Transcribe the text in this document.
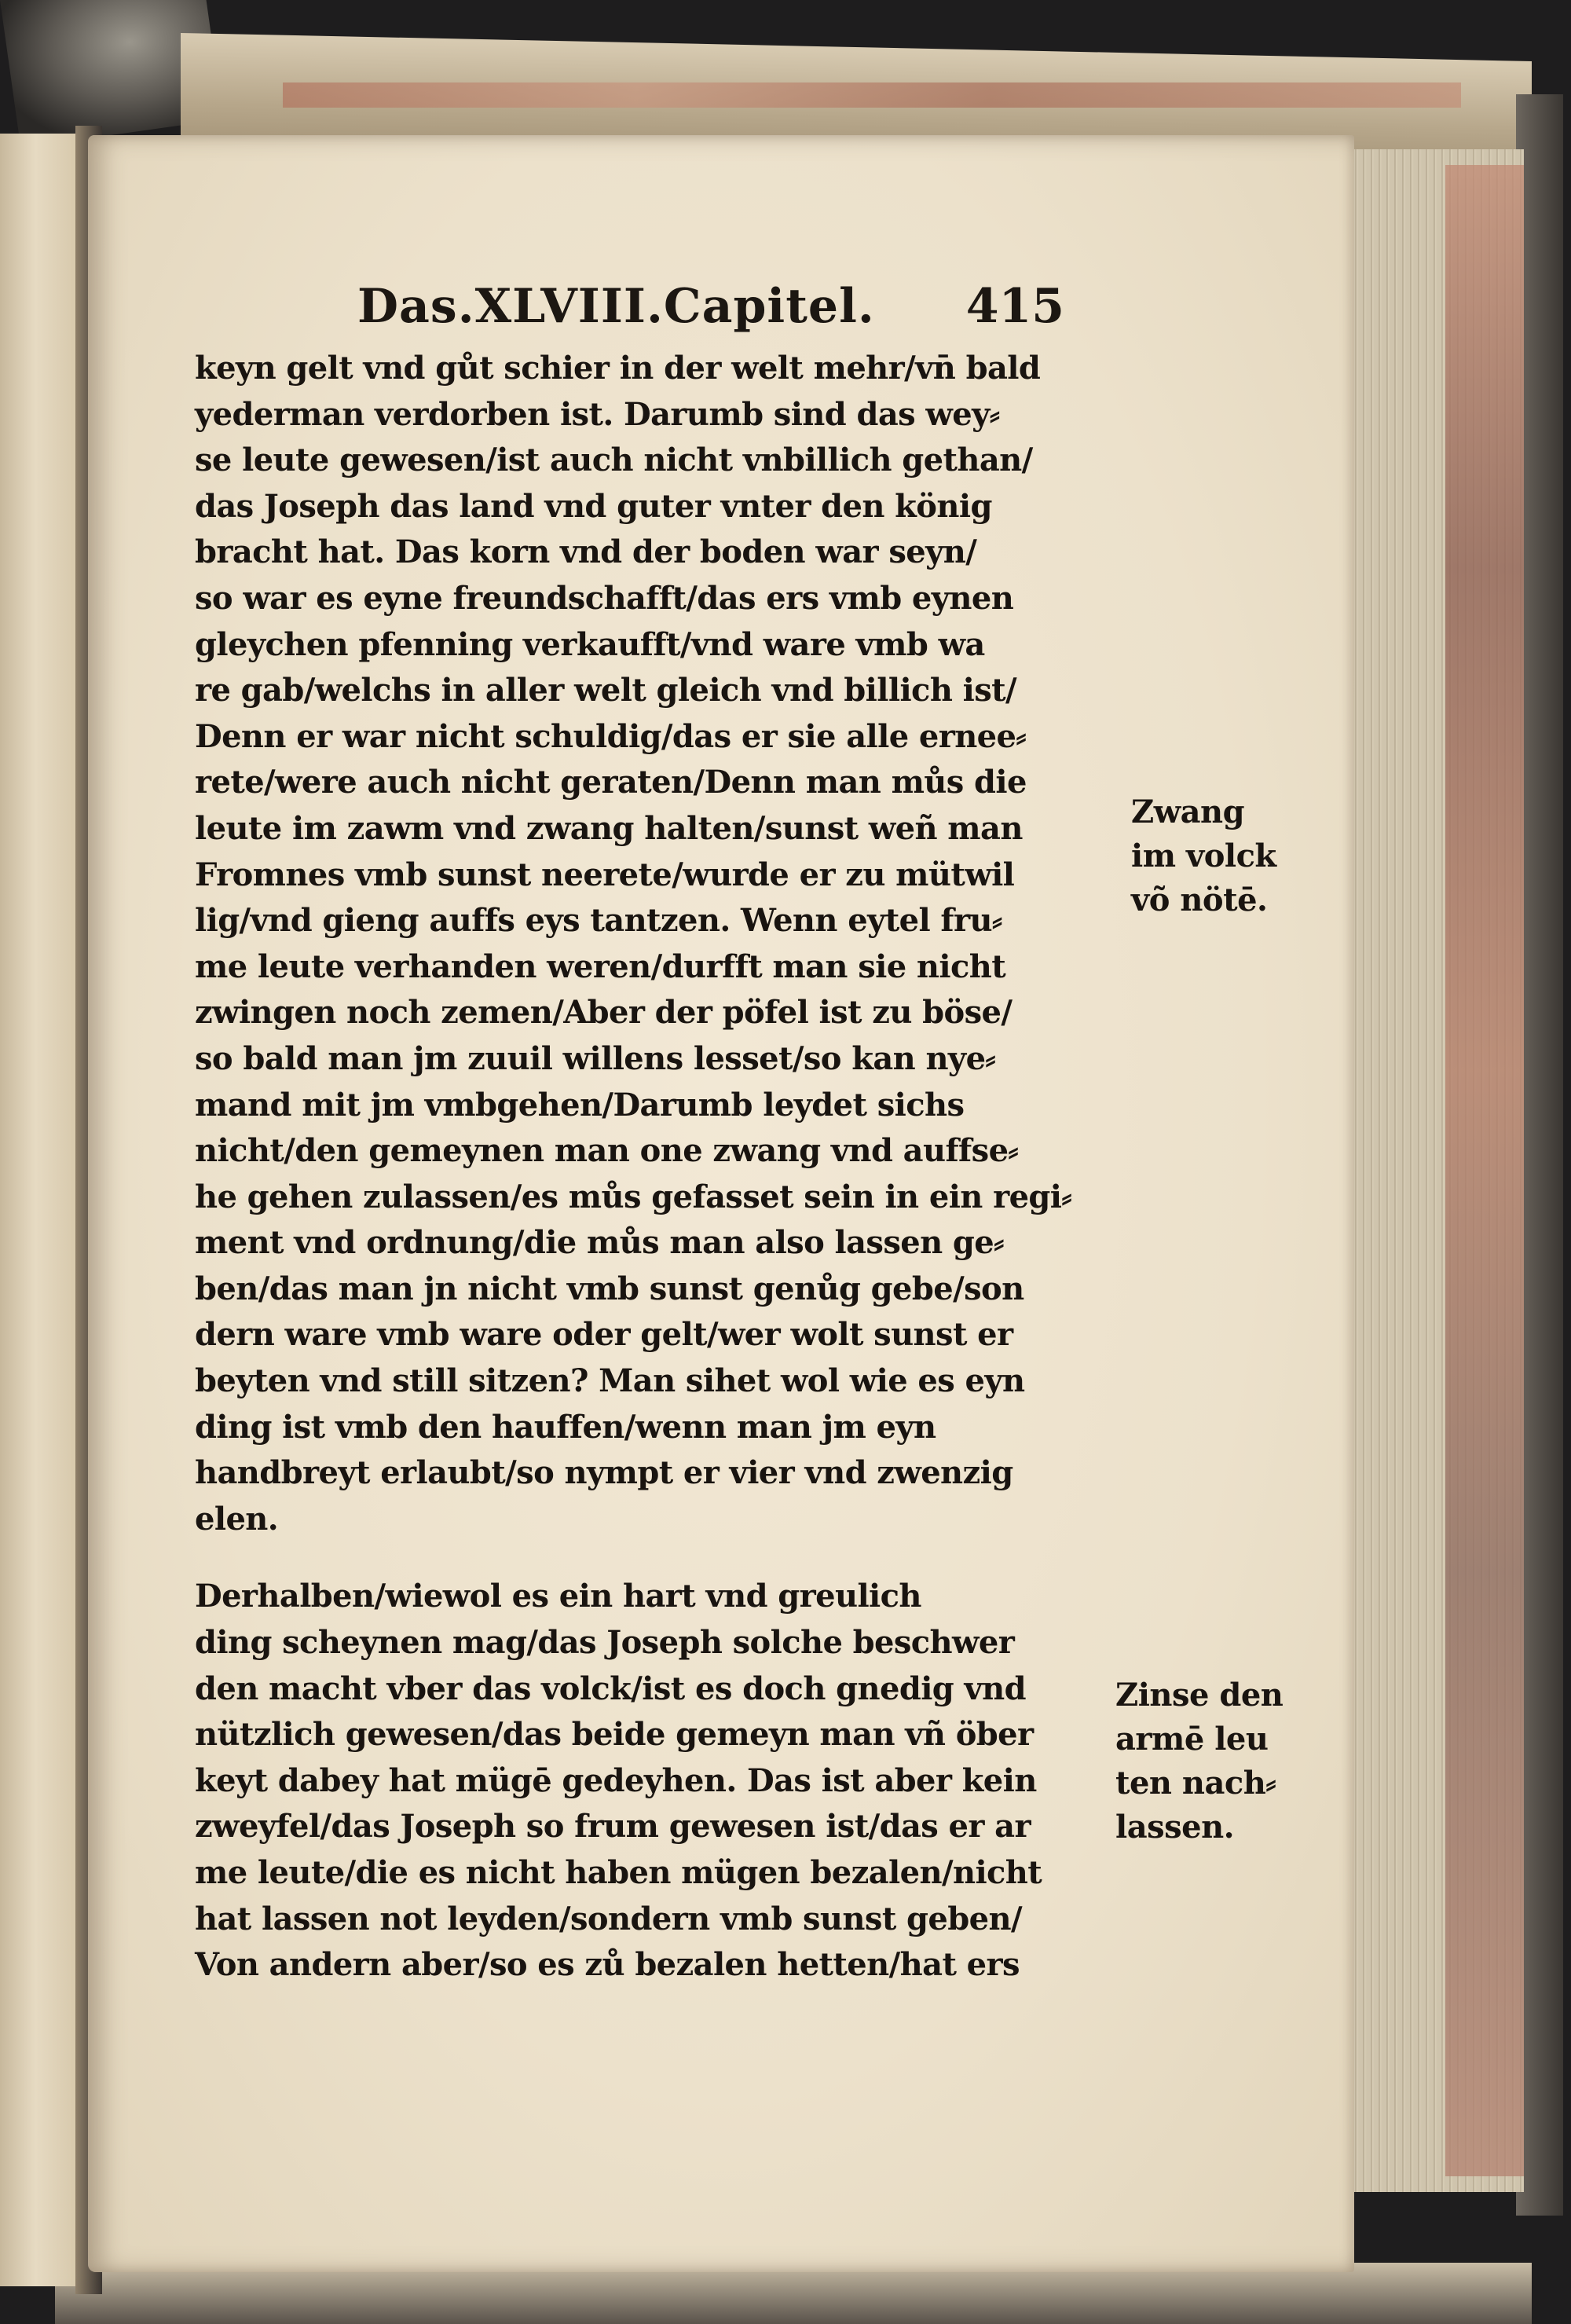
Das.XLVIII.Capitel. 415
keyn gelt vnd gůt schier in der welt mehr/vn̄ bald
yederman verdorben ist. Darumb sind das wey⸗
se leute gewesen/ist auch nicht vnbillich gethan/
das Joseph das land vnd guter vnter den könig
bracht hat. Das korn vnd der boden war seyn/
so war es eyne freundschafft/das ers vmb eynen
gleychen pfenning verkaufft/vnd ware vmb wa
re gab/welchs in aller welt gleich vnd billich ist/
Denn er war nicht schuldig/das er sie alle ernee⸗
rete/were auch nicht geraten/Denn man můs die
leute im zawm vnd zwang halten/sunst weñ man
Fromnes vmb sunst neerete/wurde er zu mütwil
lig/vnd gieng auffs eys tantzen. Wenn eytel fru⸗
me leute verhanden weren/durfft man sie nicht
zwingen noch zemen/Aber der pöfel ist zu böse/
so bald man jm zuuil willens lesset/so kan nye⸗
mand mit jm vmbgehen/Darumb leydet sichs
nicht/den gemeynen man one zwang vnd auffse⸗
he gehen zulassen/es můs gefasset sein in ein regi⸗
ment vnd ordnung/die můs man also lassen ge⸗
ben/das man jn nicht vmb sunst genůg gebe/son
dern ware vmb ware oder gelt/wer wolt sunst er
beyten vnd still sitzen? Man sihet wol wie es eyn
ding ist vmb den hauffen/wenn man jm eyn
handbreyt erlaubt/so nympt er vier vnd zwenzig
elen.
Derhalben/wiewol es ein hart vnd greulich
ding scheynen mag/das Joseph solche beschwer
den macht vber das volck/ist es doch gnedig vnd
nützlich gewesen/das beide gemeyn man vñ öber
keyt dabey hat mügē gedeyhen. Das ist aber kein
zweyfel/das Joseph so frum gewesen ist/das er ar
me leute/die es nicht haben mügen bezalen/nicht
hat lassen not leyden/sondern vmb sunst geben/
Von andern aber/so es zů bezalen hetten/hat ers
Zwang
im volck
võ nötē.
Zinse den
armē leu
ten nach⸗
lassen.
